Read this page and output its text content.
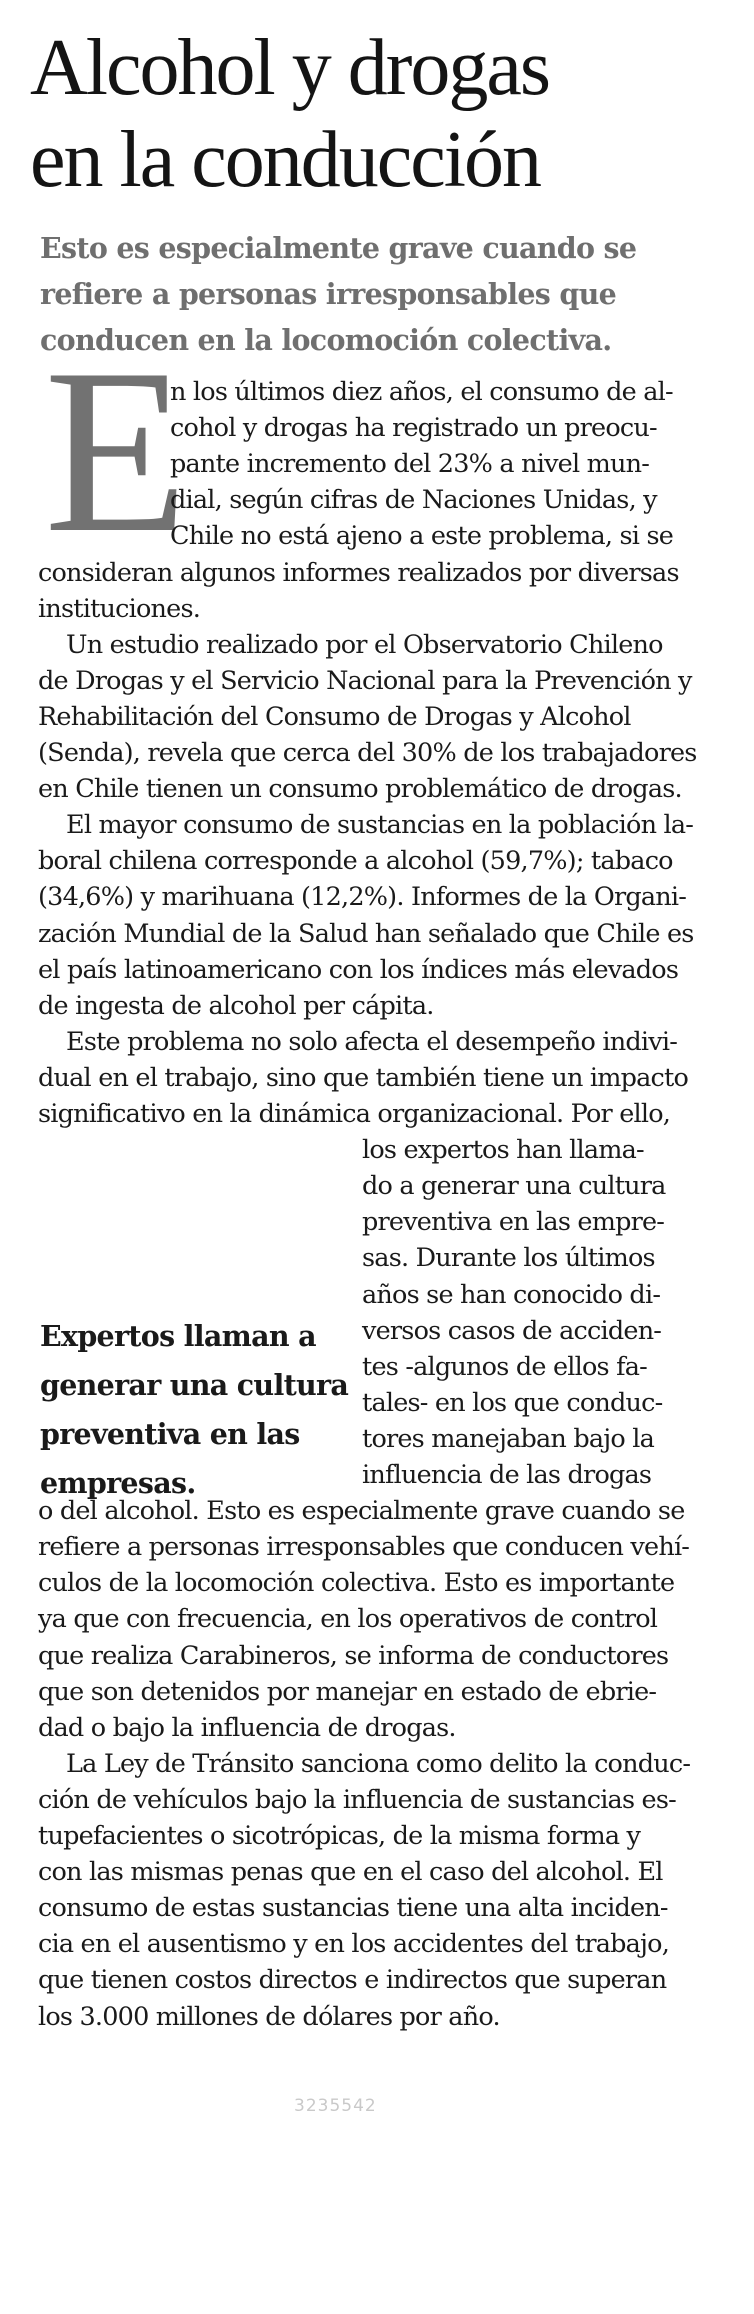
Alcohol y drogas
en la conducción
Esto es especialmente grave cuando se
refiere a personas irresponsables que
conducen en la locomoción colectiva.
E
n los últimos diez años, el consumo de al-
cohol y drogas ha registrado un preocu-
pante incremento del 23% a nivel mun-
dial, según cifras de Naciones Unidas, y
Chile no está ajeno a este problema, si se
consideran algunos informes realizados por diversas
instituciones.
Un estudio realizado por el Observatorio Chileno
de Drogas y el Servicio Nacional para la Prevención y
Rehabilitación del Consumo de Drogas y Alcohol
(Senda), revela que cerca del 30% de los trabajadores
en Chile tienen un consumo problemático de drogas.
El mayor consumo de sustancias en la población la-
boral chilena corresponde a alcohol (59,7%); tabaco
(34,6%) y marihuana (12,2%). Informes de la Organi-
zación Mundial de la Salud han señalado que Chile es
el país latinoamericano con los índices más elevados
de ingesta de alcohol per cápita.
Este problema no solo afecta el desempeño indivi-
dual en el trabajo, sino que también tiene un impacto
significativo en la dinámica organizacional. Por ello,
los expertos han llama-
do a generar una cultura
preventiva en las empre-
sas. Durante los últimos
años se han conocido di-
versos casos de acciden-
tes -algunos de ellos fa-
tales- en los que conduc-
tores manejaban bajo la
influencia de las drogas
o del alcohol. Esto es especialmente grave cuando se
refiere a personas irresponsables que conducen vehí-
culos de la locomoción colectiva. Esto es importante
ya que con frecuencia, en los operativos de control
que realiza Carabineros, se informa de conductores
que son detenidos por manejar en estado de ebrie-
dad o bajo la influencia de drogas.
La Ley de Tránsito sanciona como delito la conduc-
ción de vehículos bajo la influencia de sustancias es-
tupefacientes o sicotrópicas, de la misma forma y
con las mismas penas que en el caso del alcohol. El
consumo de estas sustancias tiene una alta inciden-
cia en el ausentismo y en los accidentes del trabajo,
que tienen costos directos e indirectos que superan
los 3.000 millones de dólares por año.
Expertos llaman a
generar una cultura
preventiva en las
empresas.
3235542
